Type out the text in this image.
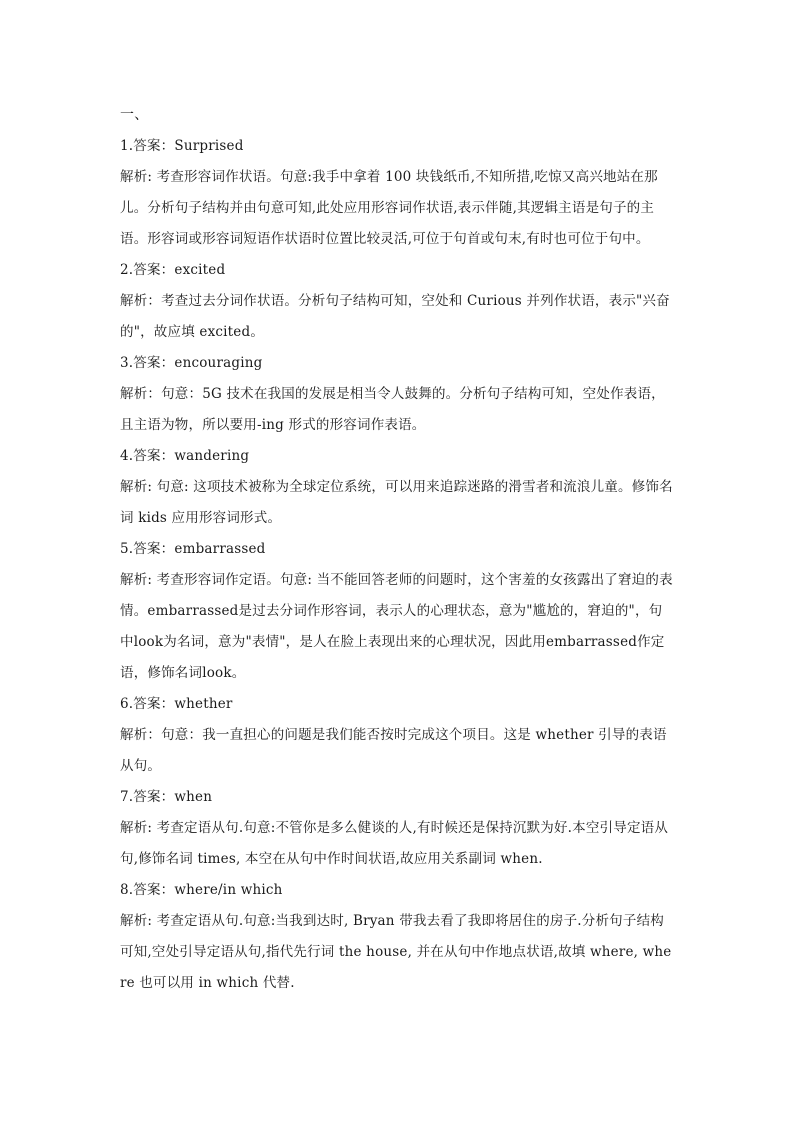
一、
1.答案：Surprised
解析: 考查形容词作状语。句意:我手中拿着 100 块钱纸币,不知所措,吃惊又高兴地站在那儿。分析句子结构并由句意可知,此处应用形容词作状语,表示伴随,其逻辑主语是句子的主语。形容词或形容词短语作状语时位置比较灵活,可位于句首或句末,有时也可位于句中。
2.答案：excited
解析：考查过去分词作状语。分析句子结构可知，空处和 Curious 并列作状语，表示"兴奋的"，故应填 excited。
3.答案：encouraging
解析：句意：5G 技术在我国的发展是相当令人鼓舞的。分析句子结构可知，空处作表语，且主语为物，所以要用-ing 形式的形容词作表语。
4.答案：wandering
解析: 句意: 这项技术被称为全球定位系统，可以用来追踪迷路的滑雪者和流浪儿童。修饰名词 kids 应用形容词形式。
5.答案：embarrassed
解析: 考查形容词作定语。句意: 当不能回答老师的问题时，这个害羞的女孩露出了窘迫的表情。embarrassed是过去分词作形容词，表示人的心理状态，意为"尴尬的，窘迫的"，句中look为名词，意为"表情"，是人在脸上表现出来的心理状况，因此用embarrassed作定语，修饰名词look。
6.答案：whether
解析：句意：我一直担心的问题是我们能否按时完成这个项目。这是 whether 引导的表语从句。
7.答案：when
解析: 考查定语从句.句意:不管你是多么健谈的人,有时候还是保持沉默为好.本空引导定语从句,修饰名词 times, 本空在从句中作时间状语,故应用关系副词 when.
8.答案：where/in which
解析: 考查定语从句.句意:当我到达时, Bryan 带我去看了我即将居住的房子.分析句子结构可知,空处引导定语从句,指代先行词 the house, 并在从句中作地点状语,故填 where, where 也可以用 in which 代替.
